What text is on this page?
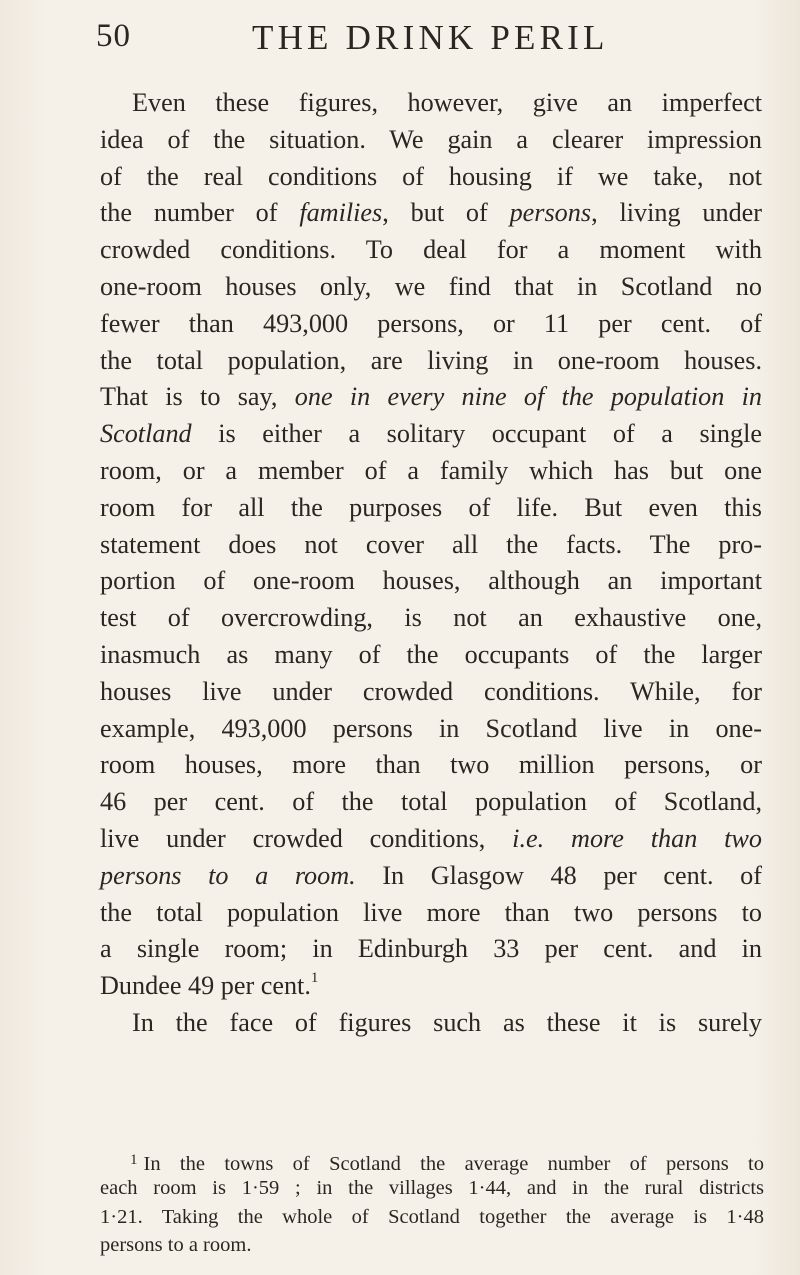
50	THE DRINK PERIL
Even these figures, however, give an imperfect
idea of the situation. We gain a clearer impression
of the real conditions of housing if we take, not
the number of families, but of persons, living under
crowded conditions. To deal for a moment with
one-room houses only, we find that in Scotland no
fewer than 493,000 persons, or 11 per cent. of
the total population, are living in one-room houses.
That is to say, one in every nine of the population in
Scotland is either a solitary occupant of a single
room, or a member of a family which has but one
room for all the purposes of life. But even this
statement does not cover all the facts. The pro-
portion of one-room houses, although an important
test of overcrowding, is not an exhaustive one,
inasmuch as many of the occupants of the larger
houses live under crowded conditions. While, for
example, 493,000 persons in Scotland live in one-
room houses, more than two million persons, or
46 per cent. of the total population of Scotland,
live under crowded conditions, i.e. more than two
persons to a room. In Glasgow 48 per cent. of
the total population live more than two persons to
a single room; in Edinburgh 33 per cent. and in
Dundee 49 per cent.$^1$
In the face of figures such as these it is surely
$^1$ In the towns of Scotland the average number of persons to
each room is 1·59 ; in the villages 1·44, and in the rural districts
1·21. Taking the whole of Scotland together the average is 1·48
persons to a room.
